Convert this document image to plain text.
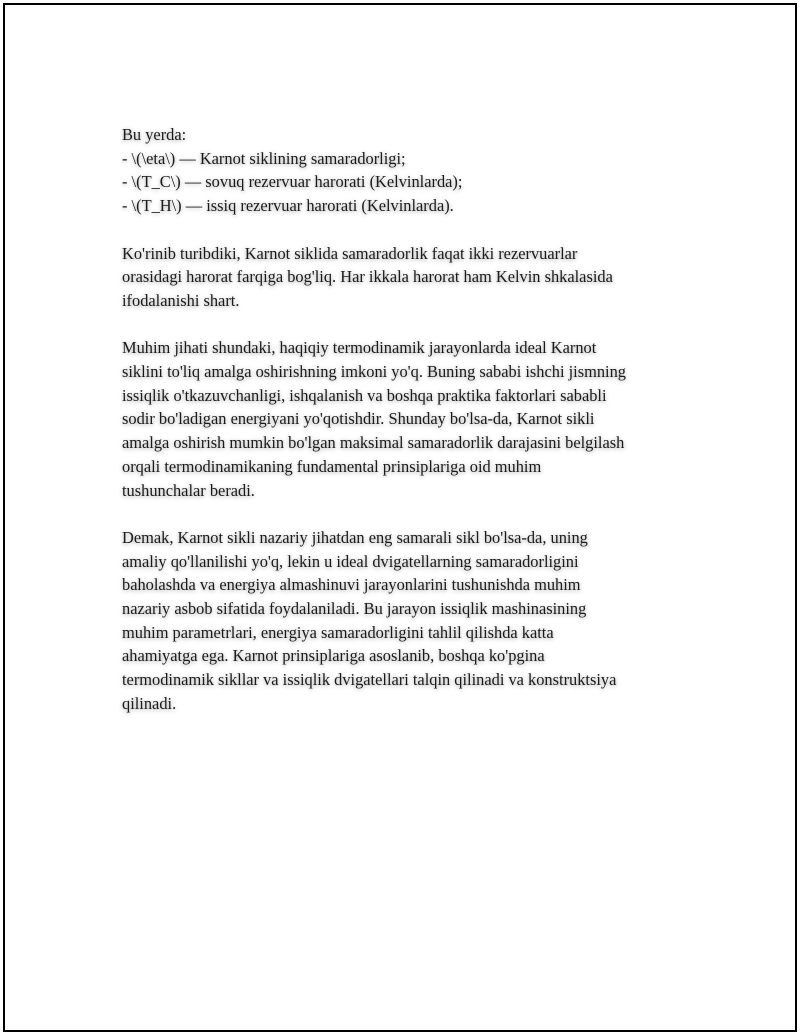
Bu yerda:
- \(\eta\) — Karnot siklining samaradorligi;
- \(T_C\) — sovuq rezervuar harorati (Kelvinlarda);
- \(T_H\) — issiq rezervuar harorati (Kelvinlarda).

Ko'rinib turibdiki, Karnot siklida samaradorlik faqat ikki rezervuarlar
orasidagi harorat farqiga bog'liq. Har ikkala harorat ham Kelvin shkalasida
ifodalanishi shart.

Muhim jihati shundaki, haqiqiy termodinamik jarayonlarda ideal Karnot
siklini to'liq amalga oshirishning imkoni yo'q. Buning sababi ishchi jismning
issiqlik o'tkazuvchanligi, ishqalanish va boshqa praktika faktorlari sababli
sodir bo'ladigan energiyani yo'qotishdir. Shunday bo'lsa-da, Karnot sikli
amalga oshirish mumkin bo'lgan maksimal samaradorlik darajasini belgilash
orqali termodinamikaning fundamental prinsiplariga oid muhim
tushunchalar beradi.

Demak, Karnot sikli nazariy jihatdan eng samarali sikl bo'lsa-da, uning
amaliy qo'llanilishi yo'q, lekin u ideal dvigatellarning samaradorligini
baholashda va energiya almashinuvi jarayonlarini tushunishda muhim
nazariy asbob sifatida foydalaniladi. Bu jarayon issiqlik mashinasining
muhim parametrlari, energiya samaradorligini tahlil qilishda katta
ahamiyatga ega. Karnot prinsiplariga asoslanib, boshqa ko'pgina
termodinamik sikllar va issiqlik dvigatellari talqin qilinadi va konstruktsiya
qilinadi.
